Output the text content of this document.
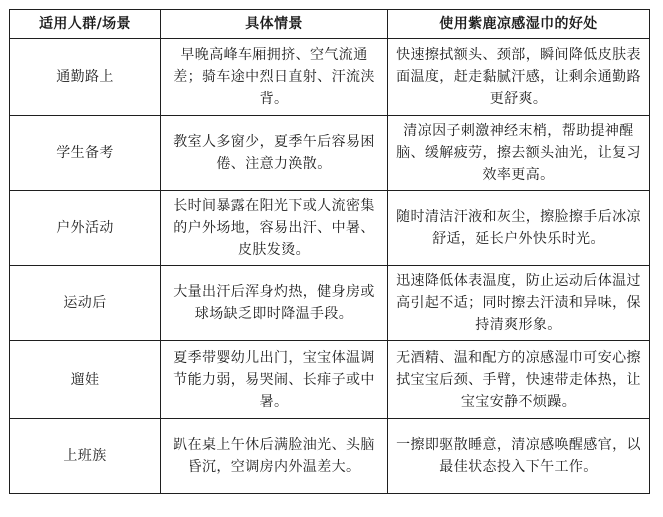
适用人群/场景	具体情景	使用紫鹿凉感湿巾的好处
通勤路上	早晚高峰车厢拥挤、空气流通差；骑车途中烈日直射、汗流浃背。	快速擦拭额头、颈部，瞬间降低皮肤表面温度，赶走黏腻汗感，让剩余通勤路更舒爽。
学生备考	教室人多窗少，夏季午后容易困倦、注意力涣散。	清凉因子刺激神经末梢，帮助提神醒脑、缓解疲劳，擦去额头油光，让复习效率更高。
户外活动	长时间暴露在阳光下或人流密集的户外场地，容易出汗、中暑、皮肤发烫。	随时清洁汗液和灰尘，擦脸擦手后冰凉舒适，延长户外快乐时光。
运动后	大量出汗后浑身灼热，健身房或球场缺乏即时降温手段。	迅速降低体表温度，防止运动后体温过高引起不适；同时擦去汗渍和异味，保持清爽形象。
遛娃	夏季带婴幼儿出门，宝宝体温调节能力弱，易哭闹、长痱子或中暑。	无酒精、温和配方的凉感湿巾可安心擦拭宝宝后颈、手臂，快速带走体热，让宝宝安静不烦躁。
上班族	趴在桌上午休后满脸油光、头脑昏沉，空调房内外温差大。	一擦即驱散睡意，清凉感唤醒感官，以最佳状态投入下午工作。
